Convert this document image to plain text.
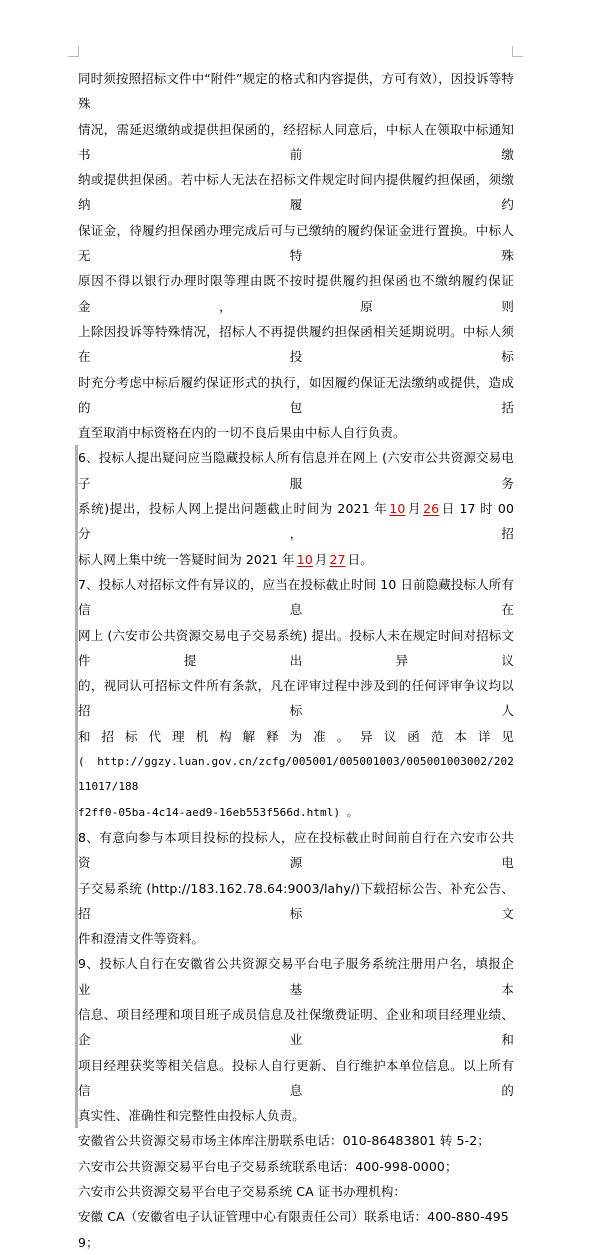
同时须按照招标文件中“附件”规定的格式和内容提供，方可有效），因投诉等特殊
情况，需延迟缴纳或提供担保函的，经招标人同意后，中标人在领取中标通知书前缴
纳或提供担保函。若中标人无法在招标文件规定时间内提供履约担保函，须缴纳履约
保证金，待履约担保函办理完成后可与已缴纳的履约保证金进行置换。中标人无特殊
原因不得以银行办理时限等理由既不按时提供履约担保函也不缴纳履约保证金，原则
上除因投诉等特殊情况，招标人不再提供履约担保函相关延期说明。中标人须在投标
时充分考虑中标后履约保证形式的执行，如因履约保证无法缴纳或提供，造成的包括
直至取消中标资格在内的一切不良后果由中标人自行负责。
6、投标人提出疑问应当隐藏投标人所有信息并在网上 (六安市公共资源交易电子服务
系统)提出，投标人网上提出问题截止时间为 2021 年 10 月 26 日 17 时 00 分，招
标人网上集中统一答疑时间为 2021 年 10 月 27 日。
7、投标人对招标文件有异议的，应当在投标截止时间 10 日前隐藏投标人所有信息在
网上 (六安市公共资源交易电子交易系统) 提出。投标人未在规定时间对招标文件提出异议
的，视同认可招标文件所有条款，凡在评审过程中涉及到的任何评审争议均以招标人
和 招 标 代 理 机 构 解 释 为 准 。 异 议 函 范 本 详 见
( http://ggzy.luan.gov.cn/zcfg/005001/005001003/005001003002/20211017/188
f2ff0-05ba-4c14-aed9-16eb553f566d.html) 。
8、有意向参与本项目投标的投标人，应在投标截止时间前自行在六安市公共资源电
子交易系统 (http://183.162.78.64:9003/lahy/)下载招标公告、补充公告、招标文
件和澄清文件等资料。
9、投标人自行在安徽省公共资源交易平台电子服务系统注册用户名，填报企业基本
信息、项目经理和项目班子成员信息及社保缴费证明、企业和项目经理业绩、企业和
项目经理获奖等相关信息。投标人自行更新、自行维护本单位信息。以上所有信息的
真实性、准确性和完整性由投标人负责。
安徽省公共资源交易市场主体库注册联系电话：010-86483801 转 5-2；
六安市公共资源交易平台电子交易系统联系电话：400-998-0000；
六安市公共资源交易平台电子交易系统 CA 证书办理机构：
安徽 CA（安徽省电子认证管理中心有限责任公司）联系电话：400-880-4959；
